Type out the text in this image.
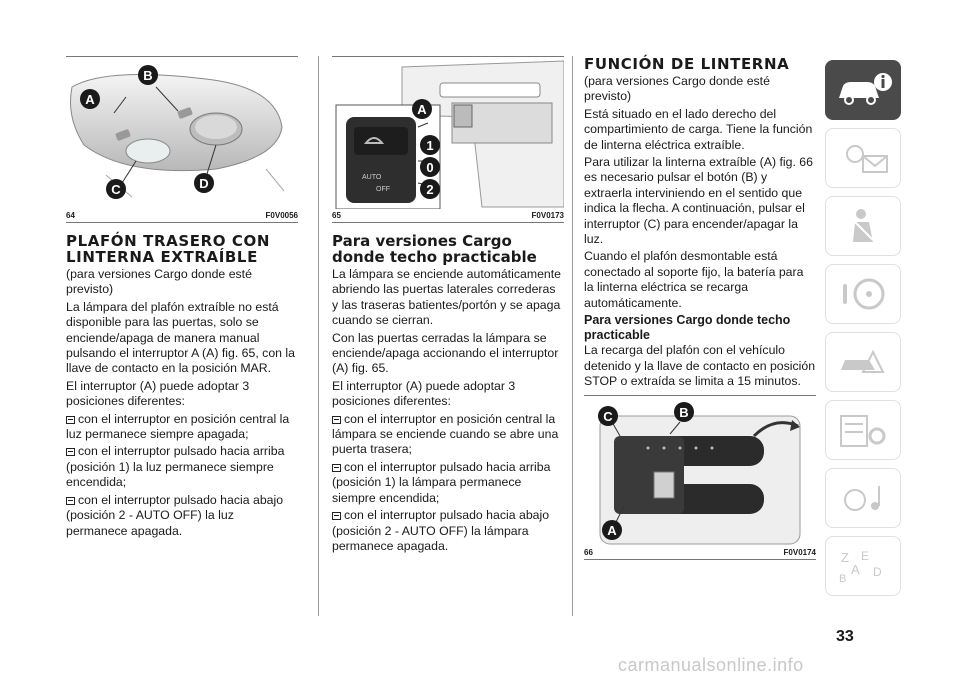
A
B
C	D
64	F0V0056
PLAFÓN TRASERO CON LINTERNA EXTRAÍBLE

(para versiones Cargo donde esté previsto)

La lámpara del plafón extraíble no está disponible para las puertas, solo se enciende/apaga de manera manual pulsando el interruptor A (A) fig. 65, con la llave de contacto en la posición MAR.

El interruptor (A) puede adoptar 3 posiciones diferentes:

con el interruptor en posición central la luz permanece siempre apagada;

con el interruptor pulsado hacia arriba (posición 1) la luz permanece siempre encendida;

con el interruptor pulsado hacia abajo (posición 2 - AUTO OFF) la luz permanece apagada.

AUTO
OFF
A
1
0
2
65	F0V0173
Para versiones Cargo donde techo practicable

La lámpara se enciende automáticamente abriendo las puertas laterales correderas y las traseras batientes/portón y se apaga cuando se cierran.

Con las puertas cerradas la lámpara se enciende/apaga accionando el interruptor (A) fig. 65.

El interruptor (A) puede adoptar 3 posiciones diferentes:

con el interruptor en posición central la lámpara se enciende cuando se abre una puerta trasera;

con el interruptor pulsado hacia arriba (posición 1) la lámpara permanece siempre encendida;

con el interruptor pulsado hacia abajo (posición 2 - AUTO OFF) la lámpara permanece apagada.

FUNCIÓN DE LINTERNA

(para versiones Cargo donde esté previsto)

Está situado en el lado derecho del compartimiento de carga. Tiene la función de linterna eléctrica extraíble.

Para utilizar la linterna extraíble (A) fig. 66 es necesario pulsar el botón (B) y extraerla interviniendo en el sentido que indica la flecha. A continuación, pulsar el interruptor (C) para encender/apagar la luz.

Cuando el plafón desmontable está conectado al soporte fijo, la batería para la linterna eléctrica se recarga automáticamente.

Para versiones Cargo donde techo practicable

La recarga del plafón con el vehículo detenido y la llave de contacto en posición STOP o extraída se limita a 15 minutos.

C	B
A
66	F0V0174 Z E
A D
B
33
carmanualsonline.info
